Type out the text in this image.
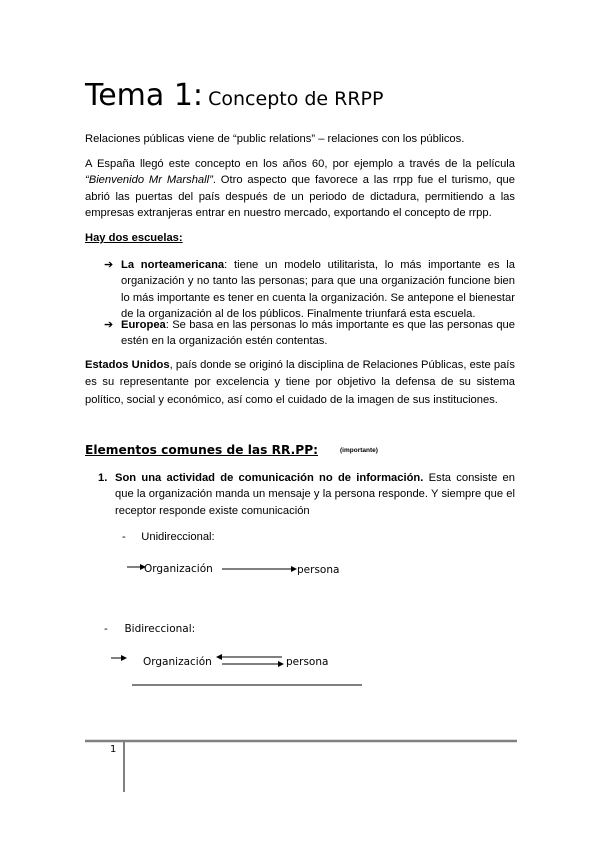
Tema 1: Concepto de RRPP

Relaciones públicas viene de “public relations” – relaciones con los públicos.

A España llegó este concepto en los años 60, por ejemplo a través de la película “Bienvenido Mr Marshall”. Otro aspecto que favorece a las rrpp fue el turismo, que abrió las puertas del país después de un periodo de dictadura, permitiendo a las empresas extranjeras entrar en nuestro mercado, exportando el concepto de rrpp.

Hay dos escuelas:
➔ La norteamericana: tiene un modelo utilitarista, lo más importante es la organización y no tanto las personas; para que una organización funcione bien lo más importante es tener en cuenta la organización. Se antepone el bienestar de la organización al de los públicos. Finalmente triunfará esta escuela.
➔ Europea: Se basa en las personas lo más importante es que las personas que estén en la organización estén contentas.

Estados Unidos, país donde se originó la disciplina de Relaciones Públicas, este país es su representante por excelencia y tiene por objetivo la defensa de su sistema político, social y económico, así como el cuidado de la imagen de sus instituciones.

Elementos comunes de las RR.PP:	(importante)
1. Son una actividad de comunicación no de información. Esta consiste en que la organización manda un mensaje y la persona responde. Y siempre que el receptor responde existe comunicación
-     Unidireccional:
Organización	persona
-     Bidireccional:
Organización	persona
1
